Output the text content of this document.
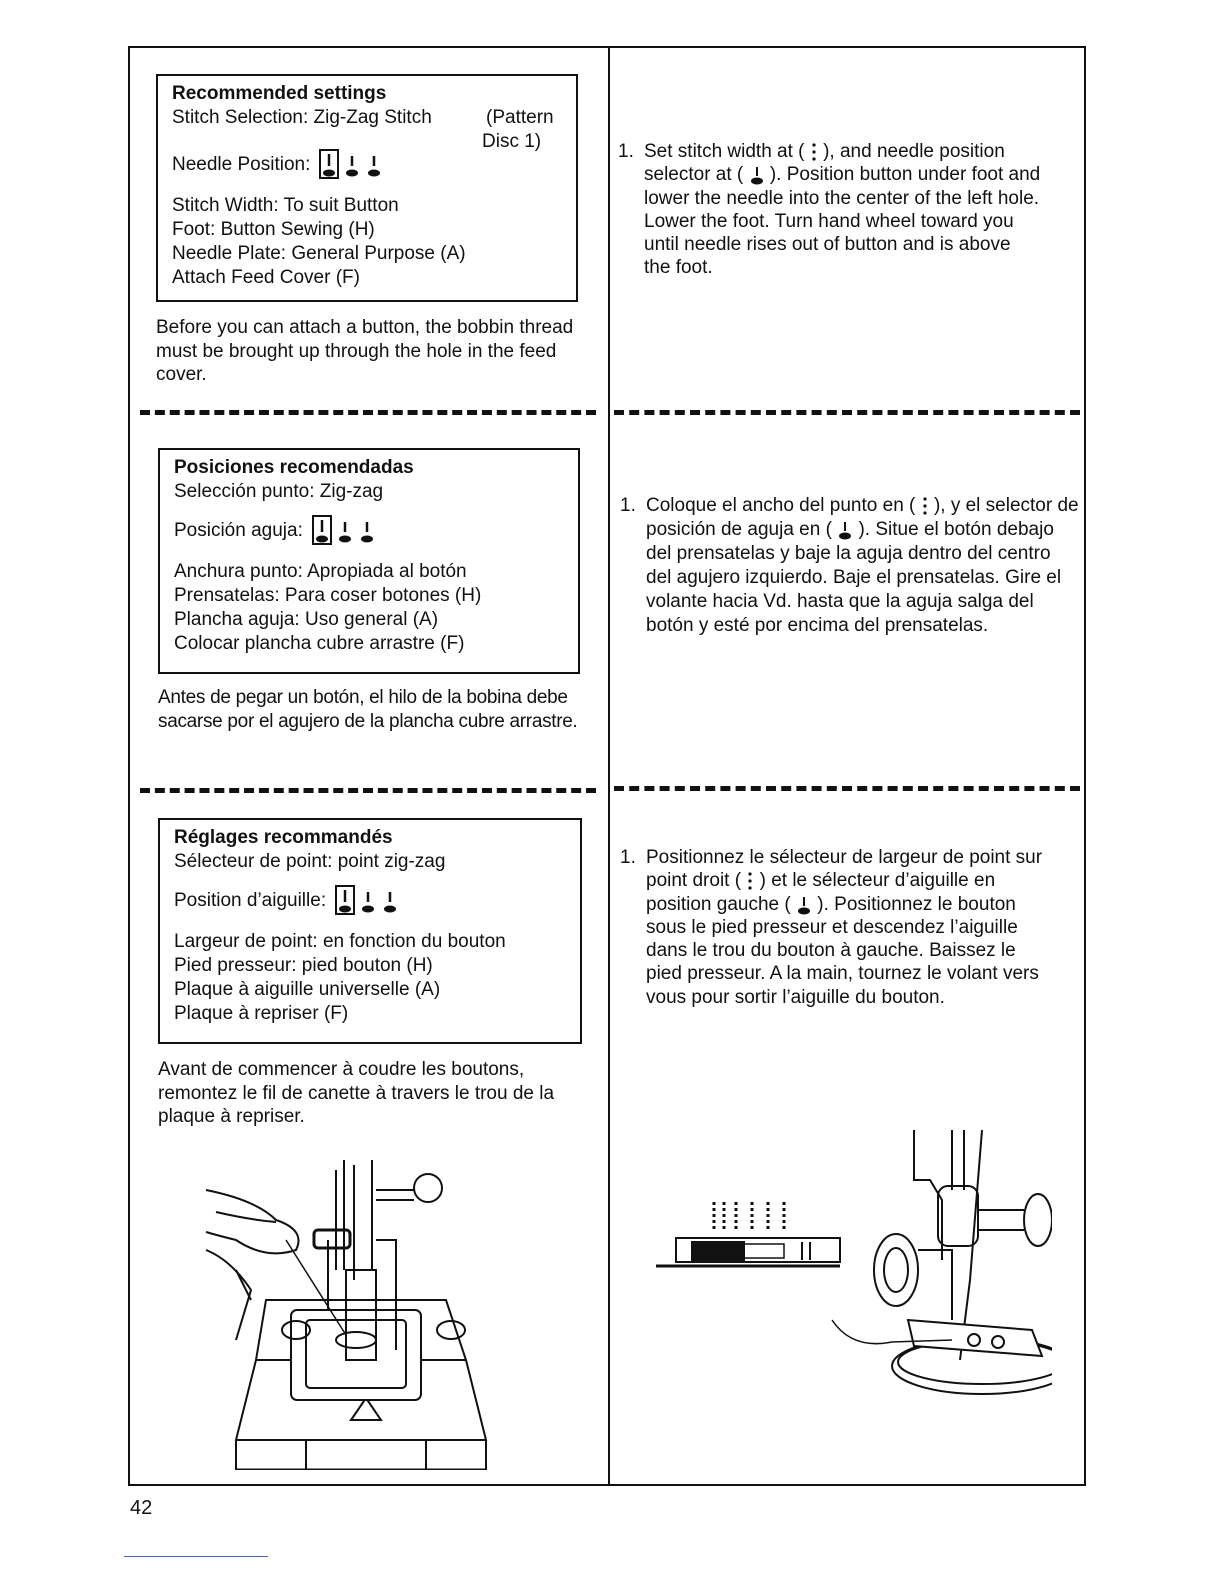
Recommended settings
Stitch Selection: Zig-Zag Stitch	(Pattern
Disc 1)
Needle Position:
Stitch Width: To suit Button
Foot: Button Sewing (H)
Needle Plate: General Purpose (A)
Attach Feed Cover (F)
Before you can attach a button, the bobbin thread must be brought up through the hole in the feed cover.
1. Set stitch width at ( ), and needle position selector at ( ). Position button under foot and lower the needle into the center of the left hole. Lower the foot. Turn hand wheel toward you until needle rises out of button and is above the foot.
Posiciones recomendadas
Selección punto: Zig-zag
Posición aguja:
Anchura punto: Apropiada al botón
Prensatelas: Para coser botones (H)
Plancha aguja: Uso general (A)
Colocar plancha cubre arrastre (F)
Antes de pegar un botón, el hilo de la bobina debe sacarse por el agujero de la plancha cubre arrastre.
1. Coloque el ancho del punto en ( ), y el selector de posición de aguja en ( ). Situe el botón debajo del prensatelas y baje la aguja dentro del centro del agujero izquierdo. Baje el prensatelas. Gire el volante hacia Vd. hasta que la aguja salga del botón y esté por encima del prensatelas.
Réglages recommandés
Sélecteur de point: point zig-zag
Position d’aiguille:
Largeur de point: en fonction du bouton
Pied presseur: pied bouton (H)
Plaque à aiguille universelle (A)
Plaque à repriser (F)
Avant de commencer à coudre les boutons, remontez le fil de canette à travers le trou de la plaque à repriser.
1. Positionnez le sélecteur de largeur de point sur point droit ( ) et le sélecteur d’aiguille en position gauche ( ). Positionnez le bouton sous le pied presseur et descendez l’aiguille dans le trou du bouton à gauche. Baissez le pied presseur. A la main, tournez le volant vers vous pour sortir l’aiguille du bouton.
42
